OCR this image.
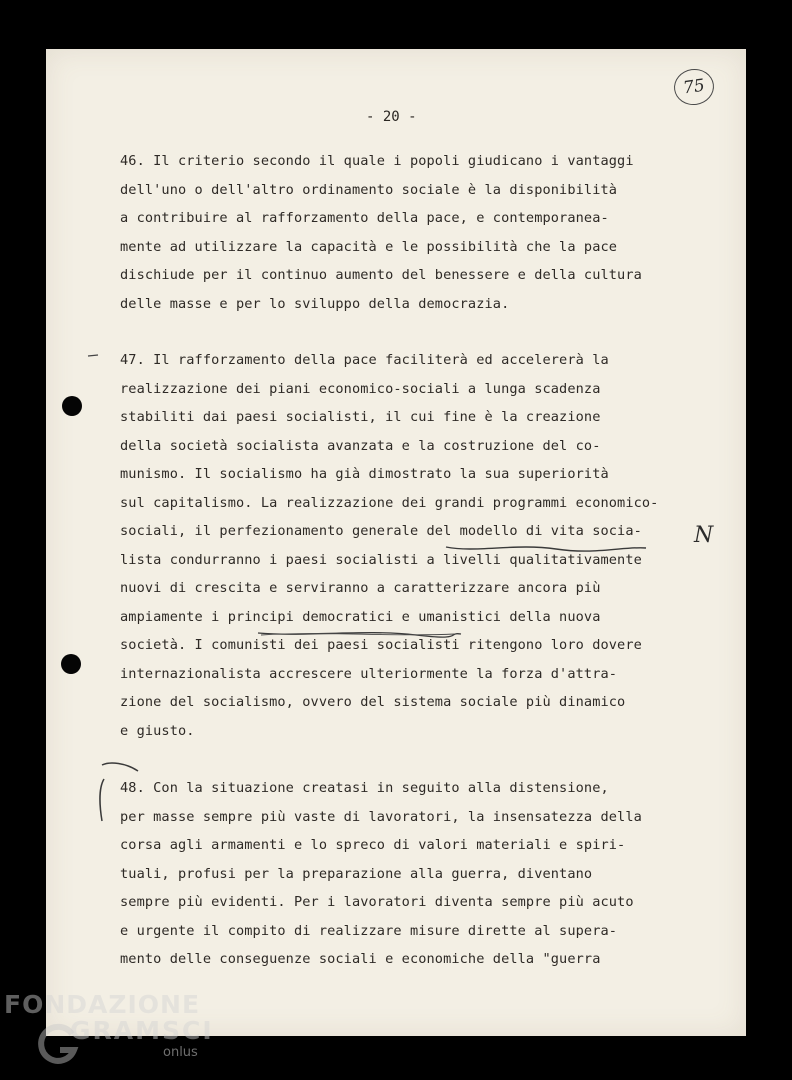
75
- 20 -
46. Il criterio secondo il quale i popoli giudicano i vantaggi
dell'uno o dell'altro ordinamento sociale è la disponibilità
a contribuire al rafforzamento della pace, e contemporanea-
mente ad utilizzare la capacità e le possibilità che la pace
dischiude per il continuo aumento del benessere e della cultura
delle masse e per lo sviluppo della democrazia.
47. Il rafforzamento della pace faciliterà ed accelererà la
realizzazione dei piani economico-sociali a lunga scadenza
stabiliti dai paesi socialisti, il cui fine è la creazione
della società socialista avanzata e la costruzione del co-
munismo. Il socialismo ha già dimostrato la sua superiorità
sul capitalismo. La realizzazione dei grandi programmi economico-
sociali, il perfezionamento generale del modello di vita socia-
lista condurranno i paesi socialisti a livelli qualitativamente
nuovi di crescita e serviranno a caratterizzare ancora più
ampiamente i principi democratici e umanistici della nuova
società. I comunisti dei paesi socialisti ritengono loro dovere
internazionalista accrescere ulteriormente la forza d'attra-
zione del socialismo, ovvero del sistema sociale più dinamico
e giusto.
48. Con la situazione creatasi in seguito alla distensione,
per masse sempre più vaste di lavoratori, la insensatezza della
corsa agli armamenti e lo spreco di valori materiali e spiri-
tuali, profusi per la preparazione alla guerra, diventano
sempre più evidenti. Per i lavoratori diventa sempre più acuto
e urgente il compito di realizzare misure dirette al supera-
mento delle conseguenze sociali e economiche della "guerra
N
FONDAZIONE
GRAMSCI
onlus
